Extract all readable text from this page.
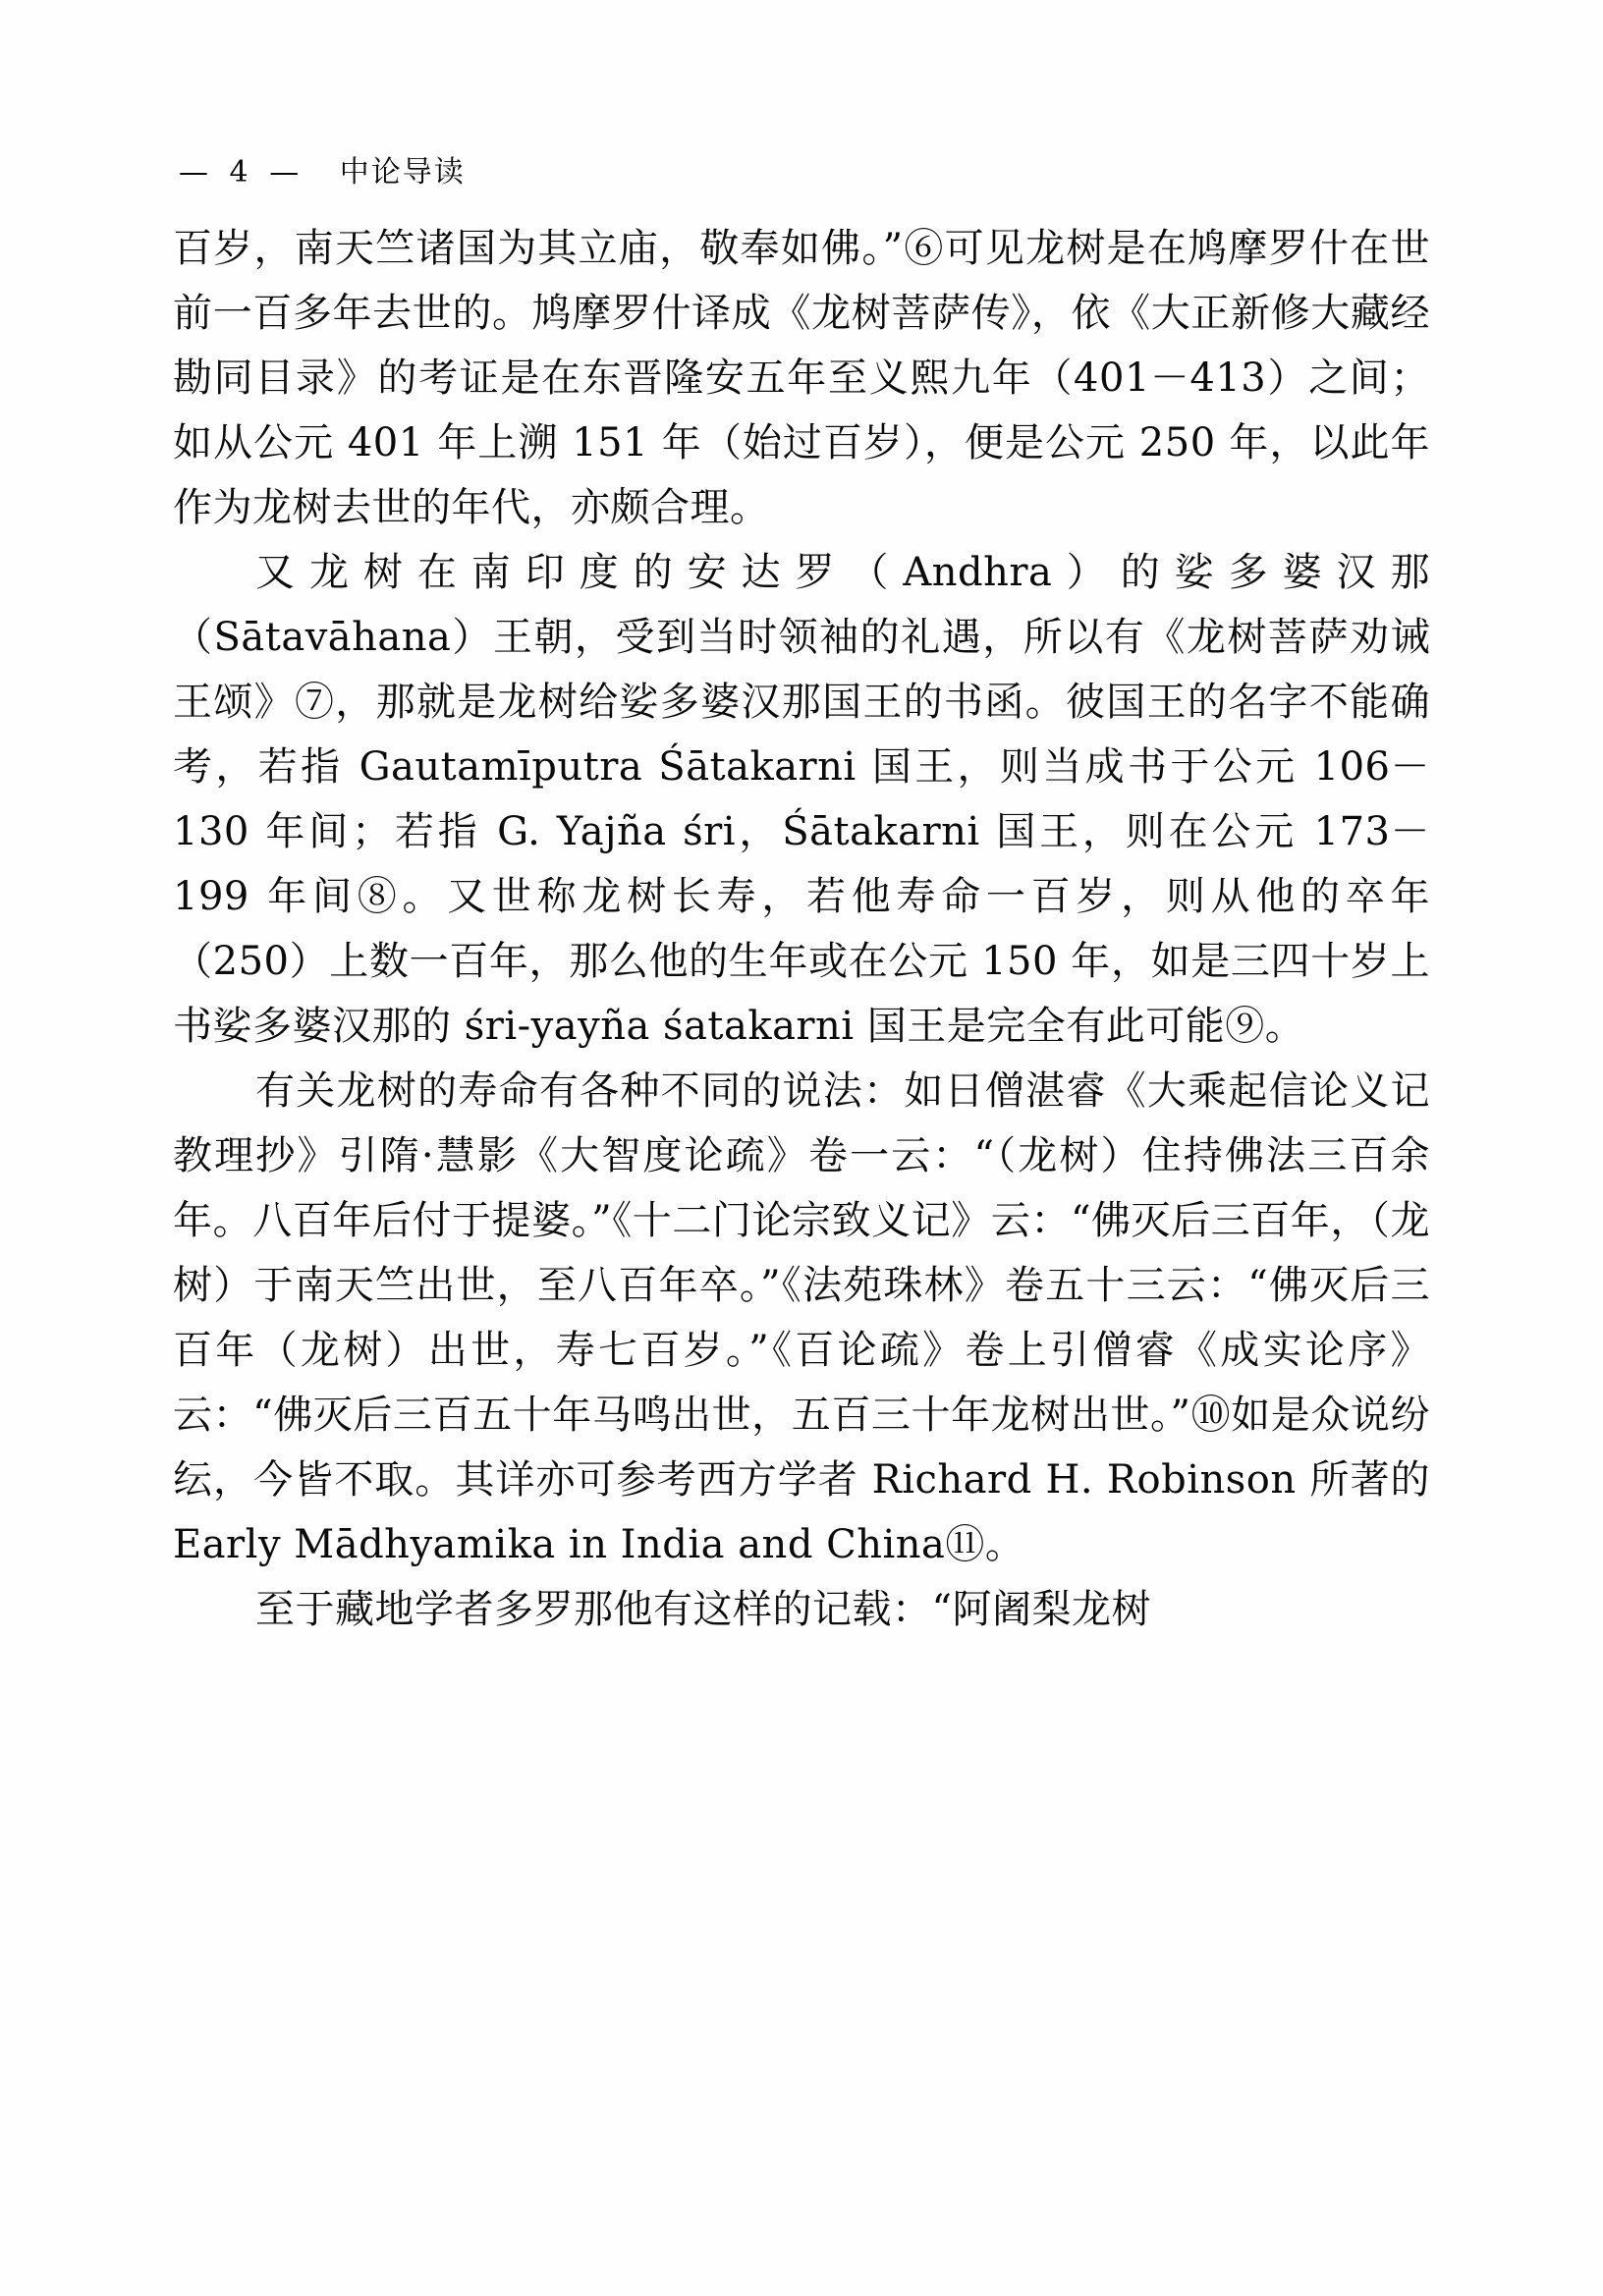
— 4 — 中论导读

百岁，南天竺诸国为其立庙，敬奉如佛。”⑥可见龙树是在鸠摩罗什在世前一百多年去世的。鸠摩罗什译成《龙树菩萨传》，依《大正新修大藏经勘同目录》的考证是在东晋隆安五年至义熙九年（401－413）之间；如从公元 401 年上溯 151 年（始过百岁），便是公元 250 年，以此年作为龙树去世的年代，亦颇合理。

又龙树在南印度的安达罗（Andhra）的娑多婆汉那（Sātavāhana）王朝，受到当时领袖的礼遇，所以有《龙树菩萨劝诫王颂》⑦，那就是龙树给娑多婆汉那国王的书函。彼国王的名字不能确考，若指 Gautamīputra Śātakarni 国王，则当成书于公元 106－130 年间；若指 G. Yajña śri，Śātakarni 国王，则在公元 173－199 年间⑧。又世称龙树长寿，若他寿命一百岁，则从他的卒年（250）上数一百年，那么他的生年或在公元 150 年，如是三四十岁上书娑多婆汉那的 śri-yayña śatakarni 国王是完全有此可能⑨。

有关龙树的寿命有各种不同的说法：如日僧湛睿《大乘起信论义记教理抄》引隋·慧影《大智度论疏》卷一云：“（龙树）住持佛法三百余年。八百年后付于提婆。”《十二门论宗致义记》云：“佛灭后三百年，（龙树）于南天竺出世，至八百年卒。”《法苑珠林》卷五十三云：“佛灭后三百年（龙树）出世，寿七百岁。”《百论疏》卷上引僧睿《成实论序》云：“佛灭后三百五十年马鸣出世，五百三十年龙树出世。”⑩如是众说纷纭，今皆不取。其详亦可参考西方学者 Richard H. Robinson 所著的 Early Mādhyamika in India and China⑪。

至于藏地学者多罗那他有这样的记载：“阿阇梨龙树
